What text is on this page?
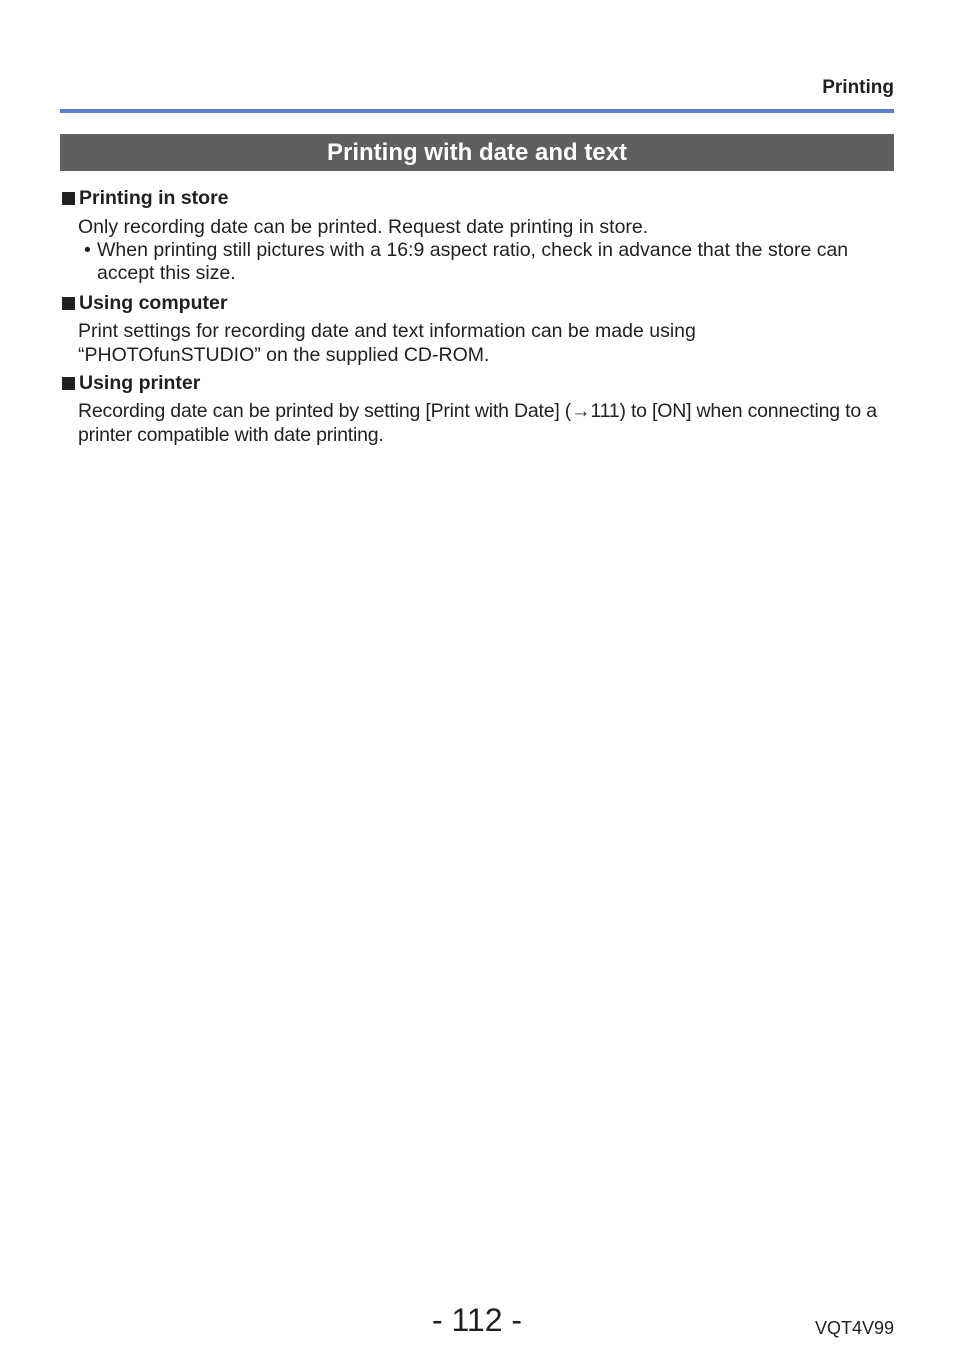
Printing
Printing with date and text
Printing in store
Only recording date can be printed. Request date printing in store.
• When printing still pictures with a 16:9 aspect ratio, check in advance that the store can accept this size.
Using computer
Print settings for recording date and text information can be made using “PHOTOfunSTUDIO” on the supplied CD-ROM.
Using printer
Recording date can be printed by setting [Print with Date] (→111) to [ON] when connecting to a printer compatible with date printing.
- 112 -	VQT4V99
